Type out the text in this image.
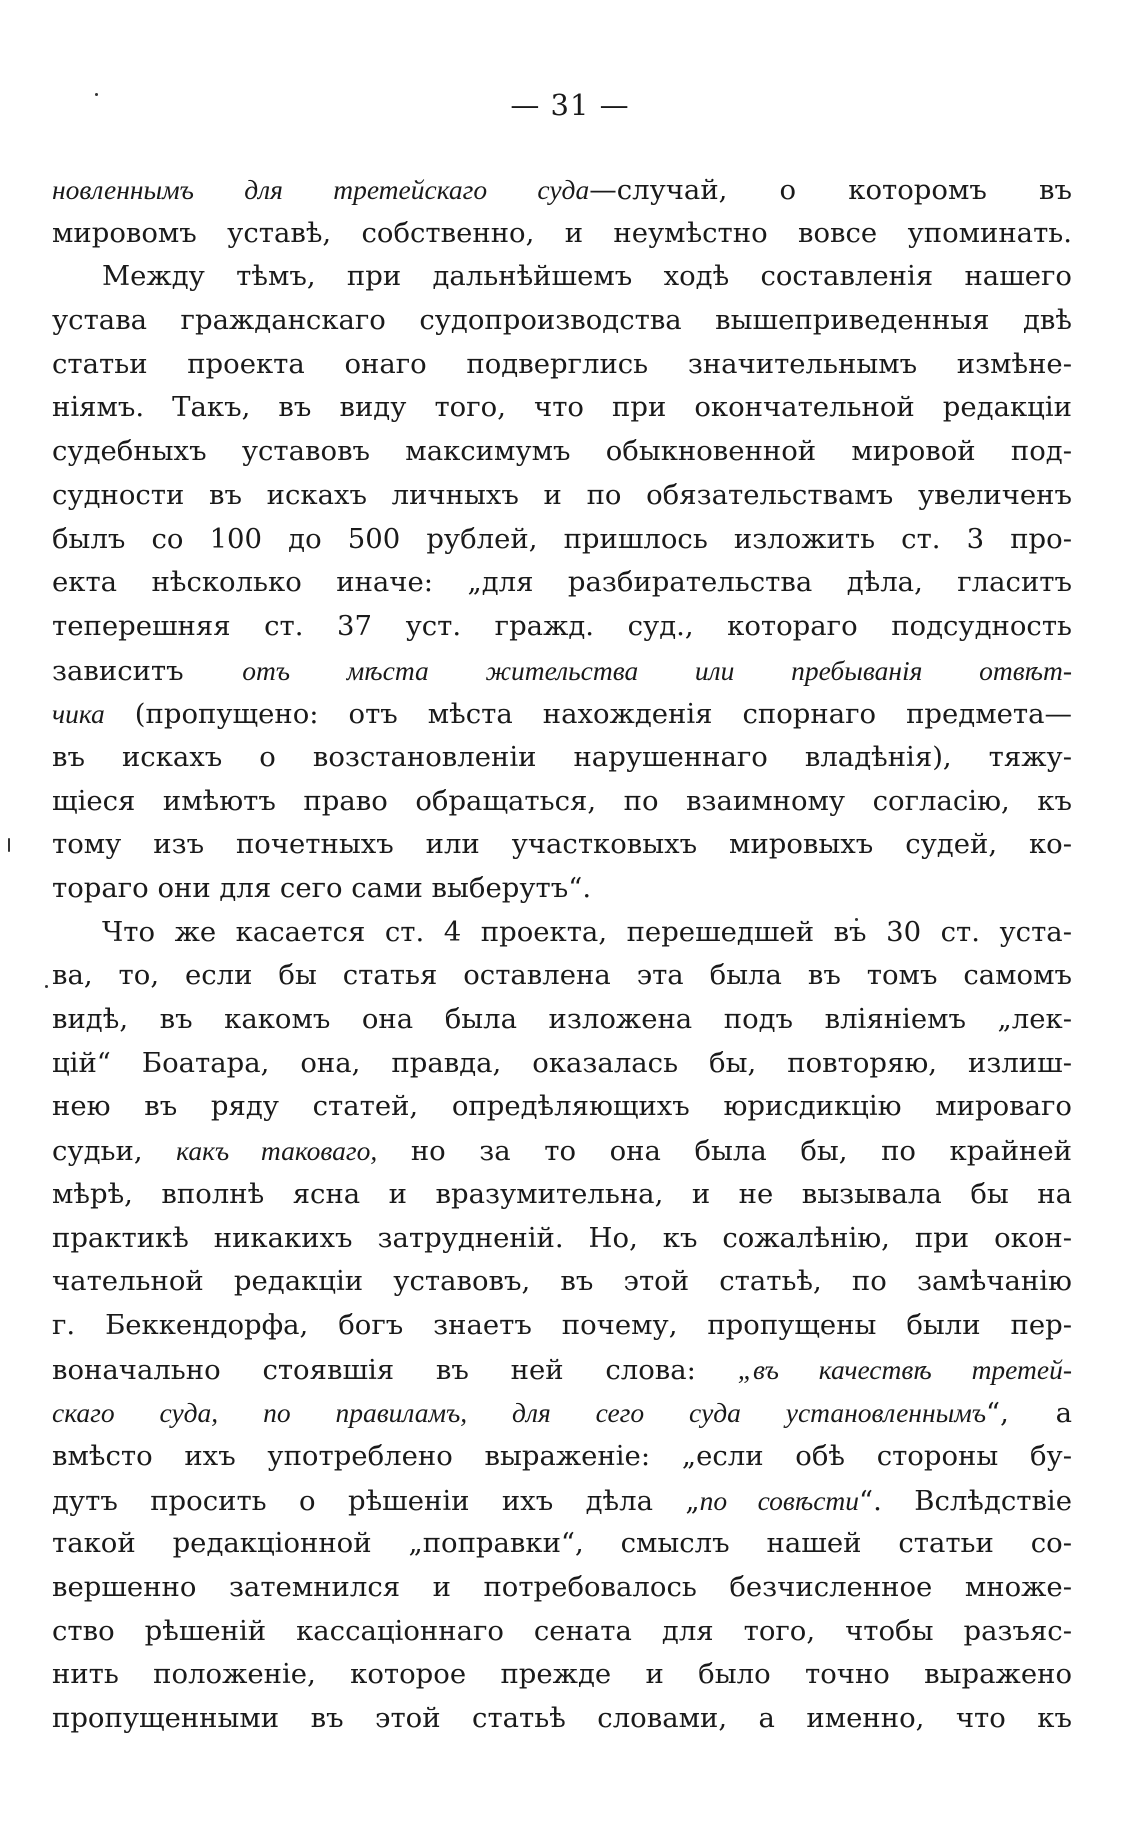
— 31 —
новленнымъ для третейскаго суда—случай, о которомъ въ
мировомъ уставѣ, собственно, и неумѣстно вовсе упоминать.
Между тѣмъ, при дальнѣйшемъ ходѣ составленія нашего
устава гражданскаго судопроизводства вышеприведенныя двѣ
статьи проекта онаго подверглись значительнымъ измѣне-
ніямъ. Такъ, въ виду того, что при окончательной редакціи
судебныхъ уставовъ максимумъ обыкновенной мировой под-
судности въ искахъ личныхъ и по обязательствамъ увеличенъ
былъ со 100 до 500 рублей, пришлось изложить ст. 3 про-
екта нѣсколько иначе: „для разбирательства дѣла, гласитъ
теперешняя ст. 37 уст. гражд. суд., котораго подсудность
зависитъ отъ мѣста жительства или пребыванія отвѣт-
чика (пропущено: отъ мѣста нахожденія спорнаго предмета—
въ искахъ о возстановленіи нарушеннаго владѣнія), тяжу-
щіеся имѣютъ право обращаться, по взаимному согласію, къ
тому изъ почетныхъ или участковыхъ мировыхъ судей, ко-
тораго они для сего сами выберутъ“.
Что же касается ст. 4 проекта, перешедшей въ 30 ст. уста-
ва, то, если бы статья оставлена эта была въ томъ самомъ
видѣ, въ какомъ она была изложена подъ вліяніемъ „лек-
цій“ Боатара, она, правда, оказалась бы, повторяю, излиш-
нею въ ряду статей, опредѣляющихъ юрисдикцію мироваго
судьи, какъ таковаго, но за то она была бы, по крайней
мѣрѣ, вполнѣ ясна и вразумительна, и не вызывала бы на
практикѣ никакихъ затрудненій. Но, къ сожалѣнію, при окон-
чательной редакціи уставовъ, въ этой статьѣ, по замѣчанію
г. Беккендорфа, богъ знаетъ почему, пропущены были пер-
воначально стоявшія въ ней слова: „въ качествѣ третей-
скаго суда, по правиламъ, для сего суда установленнымъ“, а
вмѣсто ихъ употреблено выраженіе: „если обѣ стороны бу-
дутъ просить о рѣшеніи ихъ дѣла „по совѣсти“. Вслѣдствіе
такой редакціонной „поправки“, смыслъ нашей статьи со-
вершенно затемнился и потребовалось безчисленное множе-
ство рѣшеній кассаціоннаго сената для того, чтобы разъяс-
нить положеніе, которое прежде и было точно выражено
пропущенными въ этой статьѣ словами, а именно, что къ
